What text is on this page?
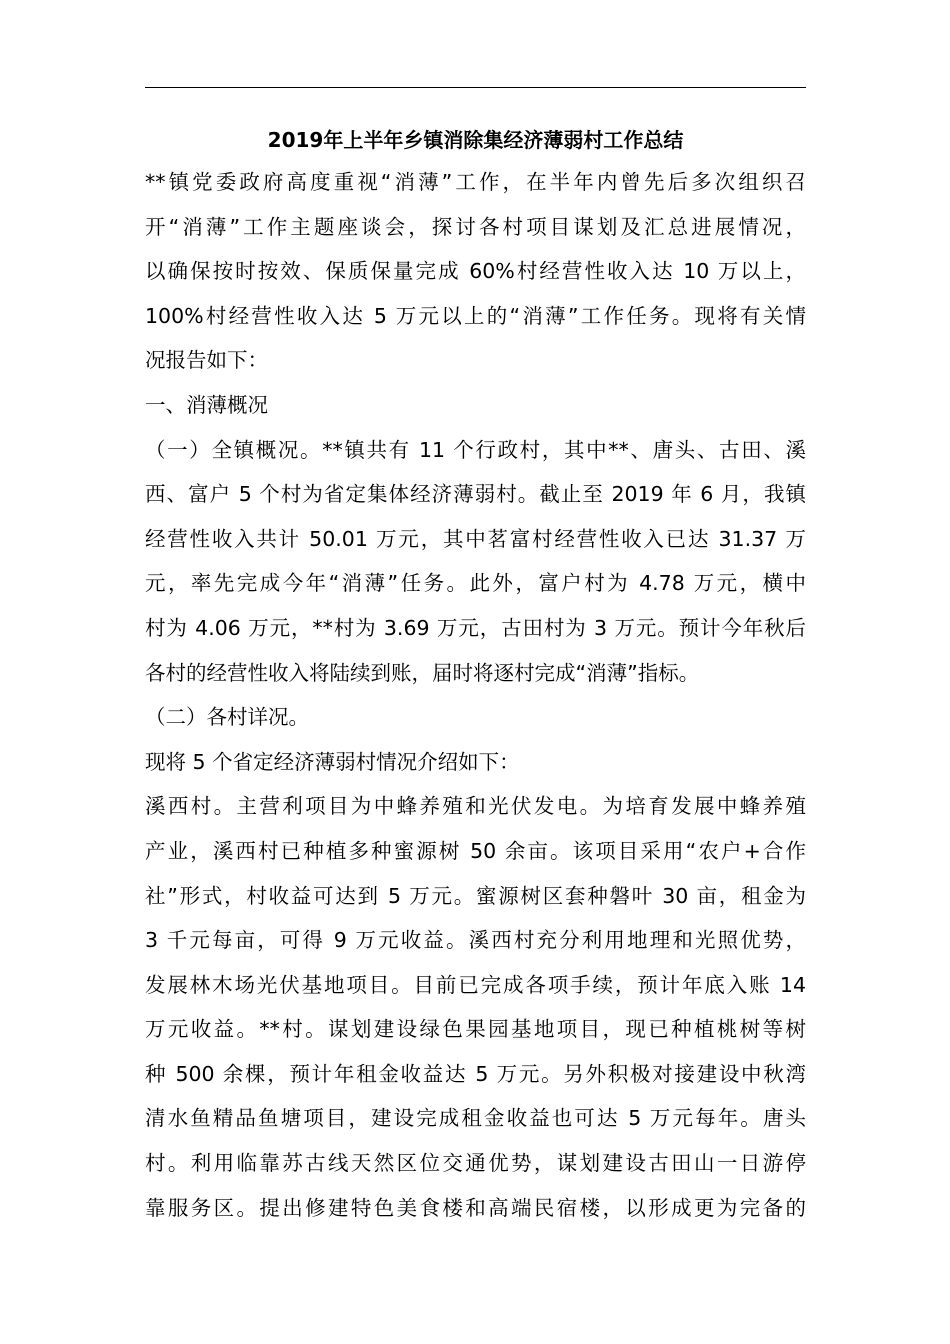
2019年上半年乡镇消除集经济薄弱村工作总结
**镇党委政府高度重视“消薄”工作，在半年内曾先后多次组织召
开“消薄”工作主题座谈会，探讨各村项目谋划及汇总进展情况，
以确保按时按效、保质保量完成 60%村经营性收入达 10 万以上，
100%村经营性收入达 5 万元以上的“消薄”工作任务。现将有关情
况报告如下：
一、消薄概况
（一）全镇概况。**镇共有 11 个行政村，其中**、唐头、古田、溪
西、富户 5 个村为省定集体经济薄弱村。截止至 2019 年 6 月，我镇
经营性收入共计 50.01 万元，其中茗富村经营性收入已达 31.37 万
元，率先完成今年“消薄”任务。此外，富户村为 4.78 万元，横中
村为 4.06 万元，**村为 3.69 万元，古田村为 3 万元。预计今年秋后
各村的经营性收入将陆续到账，届时将逐村完成“消薄”指标。
（二）各村详况。
现将 5 个省定经济薄弱村情况介绍如下：
溪西村。主营利项目为中蜂养殖和光伏发电。为培育发展中蜂养殖
产业，溪西村已种植多种蜜源树 50 余亩。该项目采用“农户+合作
社”形式，村收益可达到 5 万元。蜜源树区套种磐叶 30 亩，租金为
3 千元每亩，可得 9 万元收益。溪西村充分利用地理和光照优势，
发展林木场光伏基地项目。目前已完成各项手续，预计年底入账 14
万元收益。**村。谋划建设绿色果园基地项目，现已种植桃树等树
种 500 余棵，预计年租金收益达 5 万元。另外积极对接建设中秋湾
清水鱼精品鱼塘项目，建设完成租金收益也可达 5 万元每年。唐头
村。利用临靠苏古线天然区位交通优势，谋划建设古田山一日游停
靠服务区。提出修建特色美食楼和高端民宿楼，以形成更为完备的
